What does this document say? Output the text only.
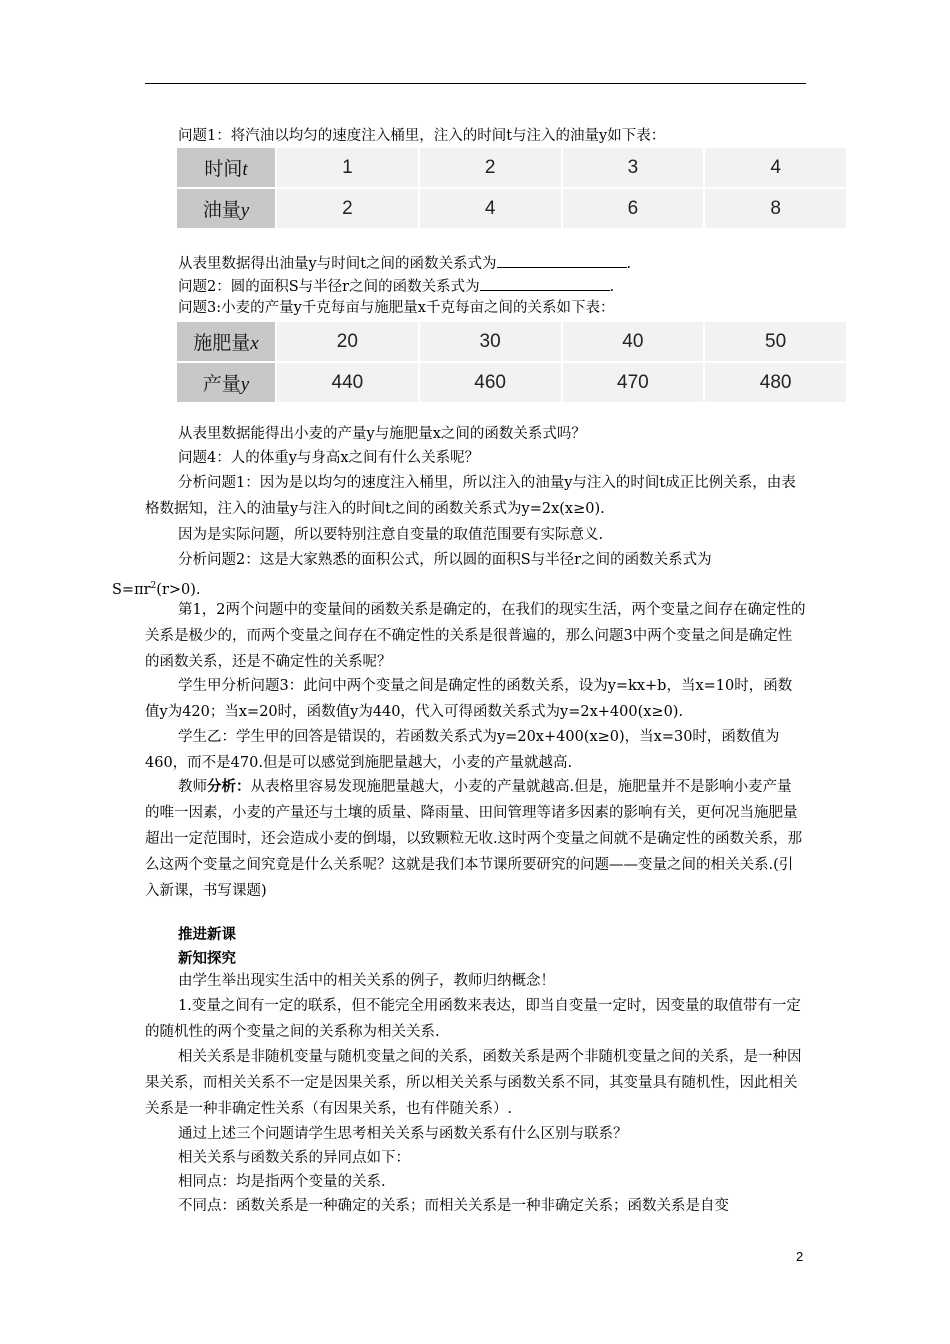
问题1：将汽油以均匀的速度注入桶里，注入的时间t与注入的油量y如下表：
时间t	1	2	3	4
油量y	2	4	6	8
从表里数据得出油量y与时间t之间的函数关系式为	.
问题2：圆的面积S与半径r之间的函数关系式为	.
问题3:小麦的产量y千克每亩与施肥量x千克每亩之间的关系如下表：
施肥量x	20	30	40	50
产量y	440	460	470	480
从表里数据能得出小麦的产量y与施肥量x之间的函数关系式吗？
问题4：人的体重y与身高x之间有什么关系呢？
分析问题1：因为是以均匀的速度注入桶里，所以注入的油量y与注入的时间t成正比例关系，由表格数据知，注入的油量y与注入的时间t之间的函数关系式为y=2x(x≥0).
因为是实际问题，所以要特别注意自变量的取值范围要有实际意义.
分析问题2：这是大家熟悉的面积公式，所以圆的面积S与半径r之间的函数关系式为
$S=\pi r^2(r>0)$.
第1，2两个问题中的变量间的函数关系是确定的，在我们的现实生活，两个变量之间存在确定性的关系是极少的，而两个变量之间存在不确定性的关系是很普遍的，那么问题3中两个变量之间是确定性的函数关系，还是不确定性的关系呢？
学生甲分析问题3：此问中两个变量之间是确定性的函数关系，设为y=kx+b，当x=10时，函数值y为420；当x=20时，函数值y为440，代入可得函数关系式为y=2x+400(x≥0).
学生乙：学生甲的回答是错误的，若函数关系式为y=20x+400(x≥0)，当x=30时，函数值为460，而不是470.但是可以感觉到施肥量越大，小麦的产量就越高.
教师分析：从表格里容易发现施肥量越大，小麦的产量就越高.但是，施肥量并不是影响小麦产量的唯一因素，小麦的产量还与土壤的质量、降雨量、田间管理等诸多因素的影响有关，更何况当施肥量超出一定范围时，还会造成小麦的倒塌，以致颗粒无收.这时两个变量之间就不是确定性的函数关系，那么这两个变量之间究竟是什么关系呢？这就是我们本节课所要研究的问题——变量之间的相关关系.(引入新课，书写课题)
推进新课
新知探究
由学生举出现实生活中的相关关系的例子，教师归纳概念！
1.变量之间有一定的联系，但不能完全用函数来表达，即当自变量一定时，因变量的取值带有一定的随机性的两个变量之间的关系称为相关关系.
相关关系是非随机变量与随机变量之间的关系，函数关系是两个非随机变量之间的关系，是一种因果关系，而相关关系不一定是因果关系，所以相关关系与函数关系不同，其变量具有随机性，因此相关关系是一种非确定性关系（有因果关系，也有伴随关系）.
通过上述三个问题请学生思考相关关系与函数关系有什么区别与联系？
相关关系与函数关系的异同点如下：
相同点：均是指两个变量的关系.
不同点：函数关系是一种确定的关系；而相关关系是一种非确定关系；函数关系是自变
2
